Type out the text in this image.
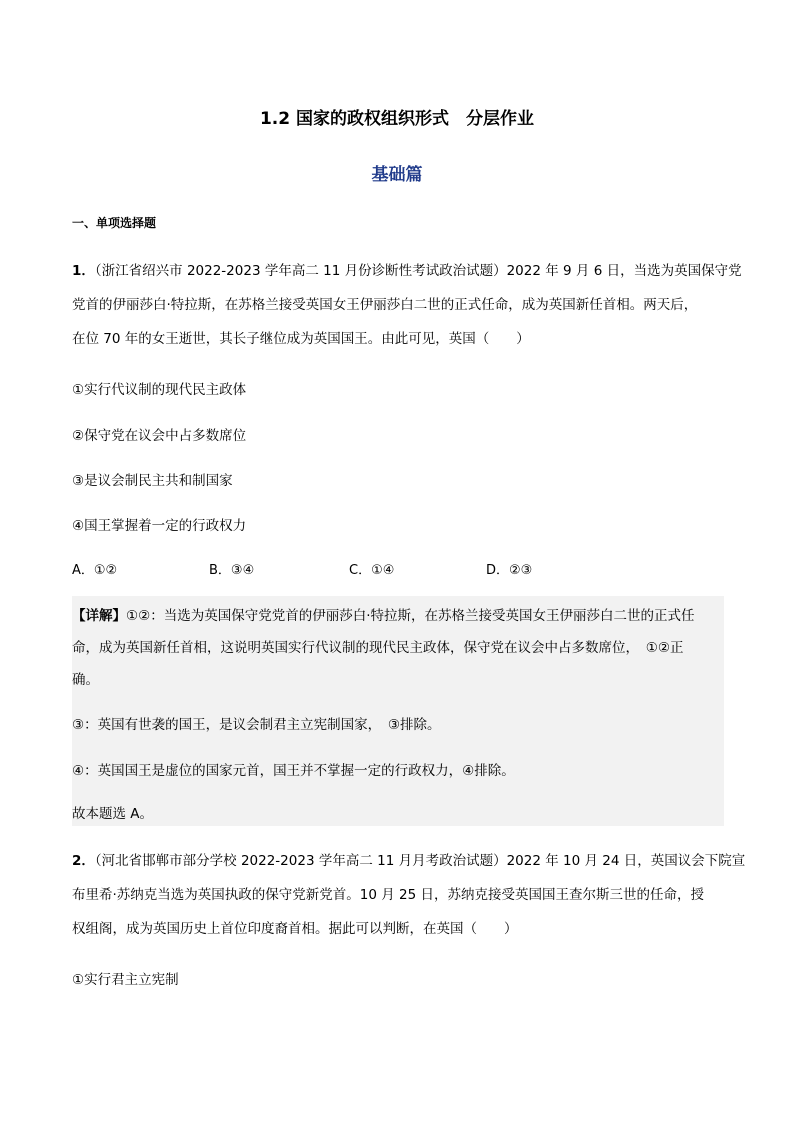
1.2 国家的政权组织形式　分层作业
基础篇
一、单项选择题
1．（浙江省绍兴市 2022-2023 学年高二 11 月份诊断性考试政治试题）2022 年 9 月 6 日，当选为英国保守党
党首的伊丽莎白·特拉斯，在苏格兰接受英国女王伊丽莎白二世的正式任命，成为英国新任首相。两天后，
在位 70 年的女王逝世，其长子继位成为英国国王。由此可见，英国（　　）
①实行代议制的现代民主政体
②保守党在议会中占多数席位
③是议会制民主共和制国家
④国王掌握着一定的行政权力
A．①②	B．③④	C．①④	D．②③
【详解】①②：当选为英国保守党党首的伊丽莎白·特拉斯，在苏格兰接受英国女王伊丽莎白二世的正式任
命，成为英国新任首相，这说明英国实行代议制的现代民主政体，保守党在议会中占多数席位，　①②正
确。
③：英国有世袭的国王，是议会制君主立宪制国家，　③排除。
④：英国国王是虚位的国家元首，国王并不掌握一定的行政权力，④排除。
故本题选 A。
2．（河北省邯郸市部分学校 2022-2023 学年高二 11 月月考政治试题）2022 年 10 月 24 日，英国议会下院宣
布里希·苏纳克当选为英国执政的保守党新党首。10 月 25 日，苏纳克接受英国国王查尔斯三世的任命，授
权组阁，成为英国历史上首位印度裔首相。据此可以判断，在英国（　　）
①实行君主立宪制
